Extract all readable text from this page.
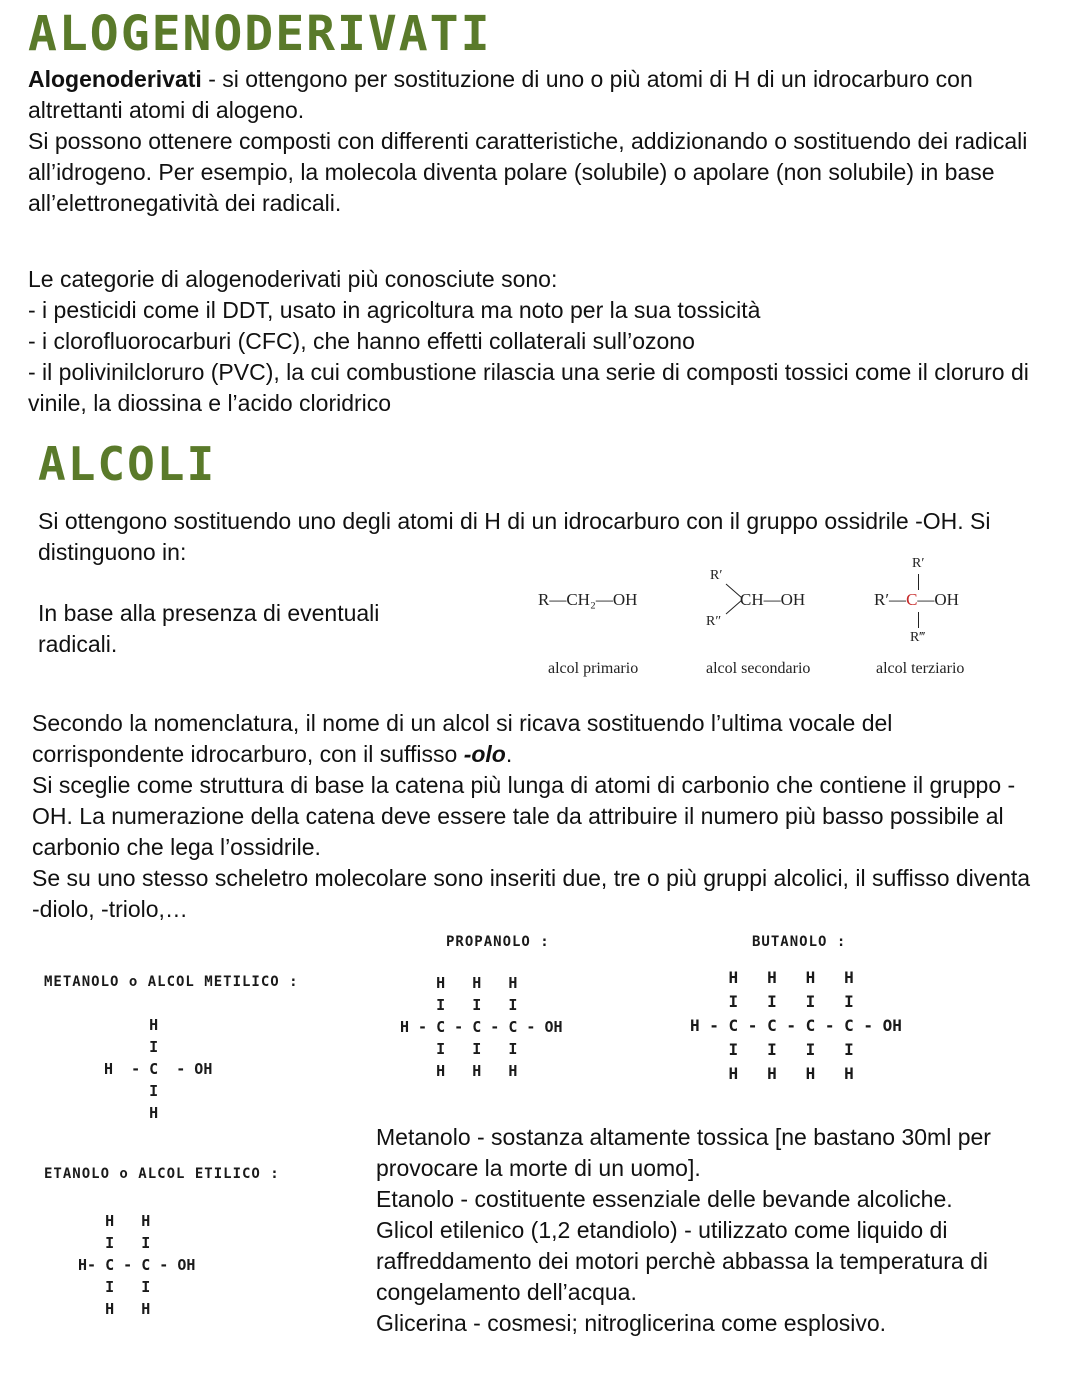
ALOGENODERIVATI

Alogenoderivati - si ottengono per sostituzione di uno o più atomi di H di un idrocarburo con altrettanti atomi di alogeno.

Si possono ottenere composti con differenti caratteristiche, addizionando o sostituendo dei radicali all’idrogeno. Per esempio, la molecola diventa polare (solubile) o apolare (non solubile) in base all’elettronegatività dei radicali.

Le categorie di alogenoderivati più conosciute sono:

- i pesticidi come il DDT, usato in agricoltura ma noto per la sua tossicità

- i clorofluorocarburi (CFC), che hanno effetti collaterali sull’ozono

- il polivinilcloruro (PVC), la cui combustione rilascia una serie di composti tossici come il cloruro di vinile, la diossina e l’acido cloridrico

ALCOLI
Si ottengono sostituendo uno degli atomi di H di un idrocarburo con il gruppo ossidrile -OH. Si distinguono in:
In base alla presenza di eventuali radicali.
R—CH₂—OH
R′
R″
CH—OH
R′
R′—C—OH
R‴
alcol primario	alcol secondario	alcol terziario

Secondo la nomenclatura, il nome di un alcol si ricava sostituendo l’ultima vocale del corrispondente idrocarburo, con il suffisso -olo.

Si sceglie come struttura di base la catena più lunga di atomi di carbonio che contiene il gruppo -OH. La numerazione della catena deve essere tale da attribuire il numero più basso possibile al carbonio che lega l’ossidrile.

Se su uno stesso scheletro molecolare sono inseriti due, tre o più gruppi alcolici, il suffisso diventa -diolo, -triolo,…

PROPANOLO :	BUTANOLO :
METANOLO o ALCOL METILICO :
H
I
H  - C  - OH
I
H
H   H   H
I   I   I
H - C - C - C - OH
I   I   I
H   H   H
H   H   H   H
I   I   I   I
H - C - C - C - C - OH
I   I   I   I
H   H   H   H
ETANOLO o ALCOL ETILICO :
H   H
I   I
H- C - C - OH
I   I
H   H

Metanolo - sostanza altamente tossica [ne bastano 30ml per provocare la morte di un uomo].

Etanolo - costituente essenziale delle bevande alcoliche.

Glicol etilenico (1,2 etandiolo) - utilizzato come liquido di raffreddamento dei motori perchè abbassa la temperatura di congelamento dell’acqua.

Glicerina - cosmesi; nitroglicerina come esplosivo.
